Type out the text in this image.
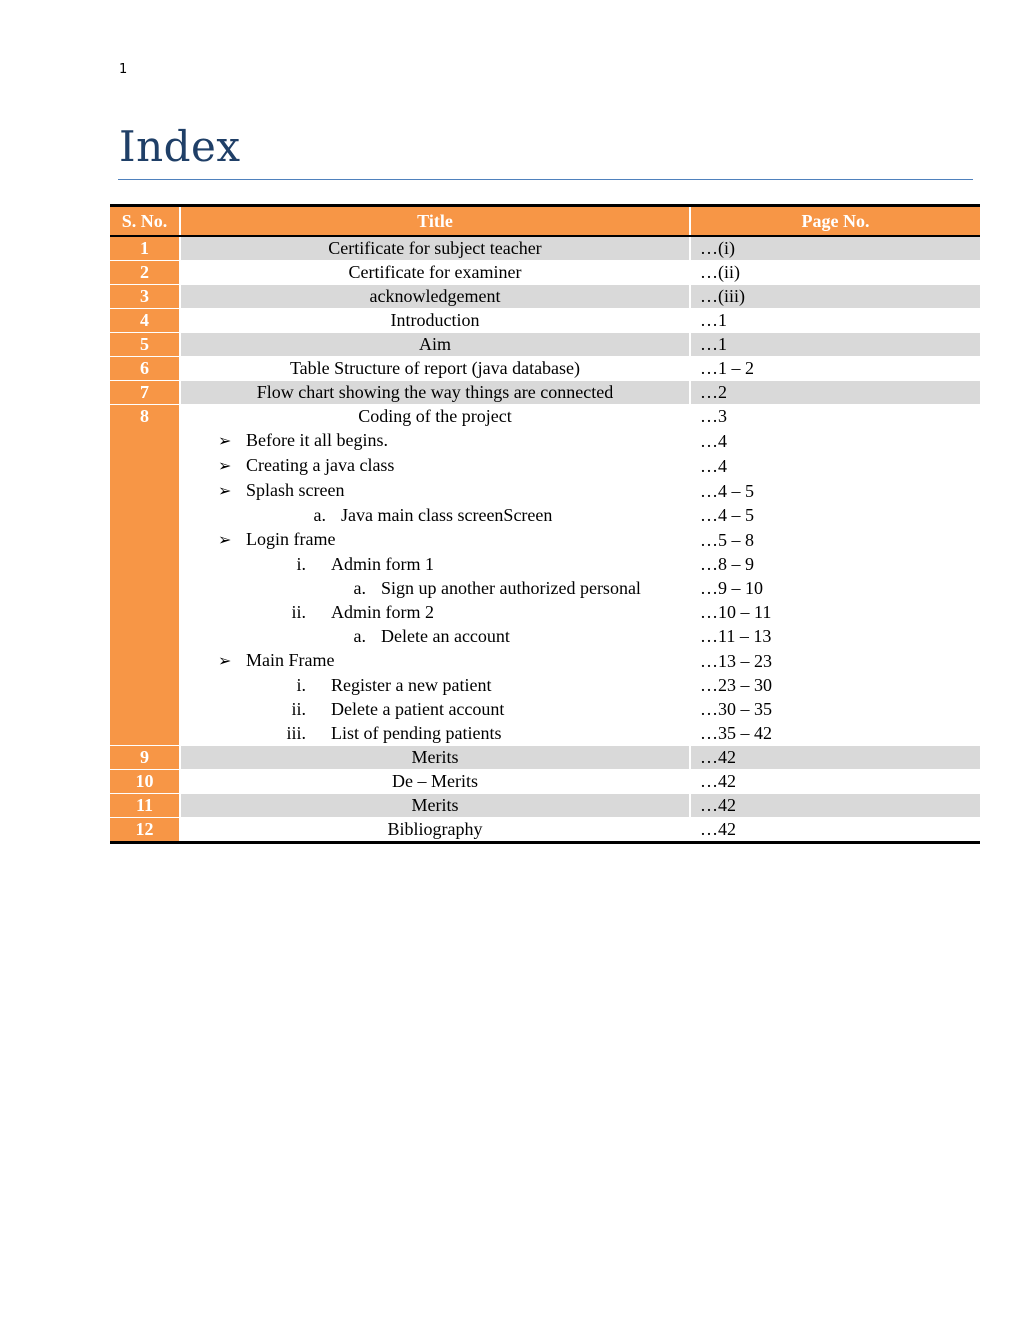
1
Index
S. No.	Title	Page No.
1	Certificate for subject teacher	…(i)
2	Certificate for examiner	…(ii)
3	acknowledgement	…(iii)
4	Introduction	…1
5	Aim	…1
6	Table Structure of report (java database)	…1 – 2
7	Flow chart showing the way things are connected	…2
8	Coding of the project	…3
	➢ Before it all begins.	…4
	➢ Creating a java class	…4
	➢ Splash screen	…4 – 5
	a. Java main class screenScreen	…4 – 5
	➢ Login frame	…5 – 8
	i. Admin form 1	…8 – 9
	a. Sign up another authorized personal	…9 – 10
	ii. Admin form 2	…10 – 11
	a. Delete an account	…11 – 13
	➢ Main Frame	…13 – 23
	i. Register a new patient	…23 – 30
	ii. Delete a patient account	…30 – 35
	iii. List of pending patients	…35 – 42
9	Merits	…42
10	De – Merits	…42
11	Merits	…42
12	Bibliography	…42
